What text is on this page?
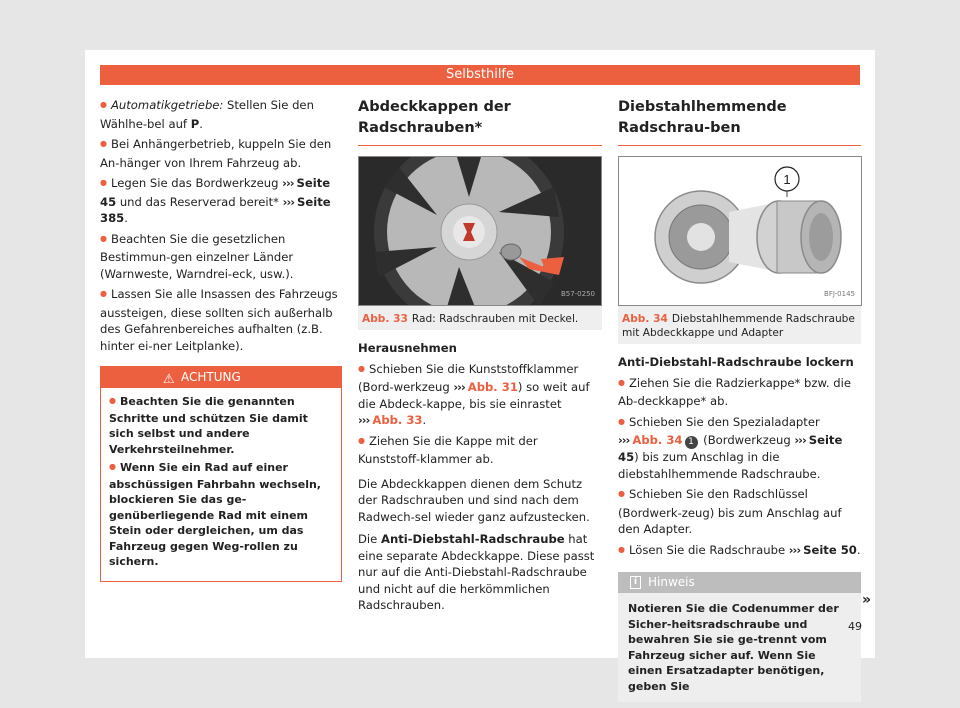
Selbsthilfe

● Automatikgetriebe: Stellen Sie den Wählhe-bel auf P.

● Bei Anhängerbetrieb, kuppeln Sie den An-hänger von Ihrem Fahrzeug ab.

● Legen Sie das Bordwerkzeug ››› Seite 45 und das Reserverad bereit* ››› Seite 385.

● Beachten Sie die gesetzlichen Bestimmun-gen einzelner Länder (Warnweste, Warndrei-eck, usw.).

● Lassen Sie alle Insassen des Fahrzeugs aussteigen, diese sollten sich außerhalb des Gefahrenbereiches aufhalten (z.B. hinter ei-ner Leitplanke).

⚠ ACHTUNG

● Beachten Sie die genannten Schritte und schützen Sie damit sich selbst und andere Verkehrsteilnehmer.

● Wenn Sie ein Rad auf einer abschüssigen Fahrbahn wechseln, blockieren Sie das ge-genüberliegende Rad mit einem Stein oder dergleichen, um das Fahrzeug gegen Weg-rollen zu sichern.

Abdeckkappen der Radschrauben*
B57-0250
Abb. 33 Rad: Radschrauben mit Deckel.

Herausnehmen

● Schieben Sie die Kunststoffklammer (Bord-werkzeug ››› Abb. 31) so weit auf die Abdeck-kappe, bis sie einrastet ››› Abb. 33.

● Ziehen Sie die Kappe mit der Kunststoff-klammer ab.

Die Abdeckkappen dienen dem Schutz der Radschrauben und sind nach dem Radwech-sel wieder ganz aufzustecken.

Die Anti-Diebstahl-Radschraube hat eine separate Abdeckkappe. Diese passt nur auf die Anti-Diebstahl-Radschraube und nicht auf die herkömmlichen Radschrauben.

Diebstahlhemmende Radschrau-ben
1
BFJ-0145
Abb. 34 Diebstahlhemmende Radschraube mit Abdeckkappe und Adapter

Anti-Diebstahl-Radschraube lockern

● Ziehen Sie die Radzierkappe* bzw. die Ab-deckkappe* ab.

● Schieben Sie den Spezialadapter ››› Abb. 34 1 (Bordwerkzeug ››› Seite 45) bis zum Anschlag in die diebstahlhemmende Radschraube.

● Schieben Sie den Radschlüssel (Bordwerk-zeug) bis zum Anschlag auf den Adapter.

● Lösen Sie die Radschraube ››› Seite 50.

i Hinweis
Notieren Sie die Codenummer der Sicher-heitsradschraube und bewahren Sie sie ge-trennt vom Fahrzeug sicher auf. Wenn Sie einen Ersatzadapter benötigen, geben Sie
»
49
